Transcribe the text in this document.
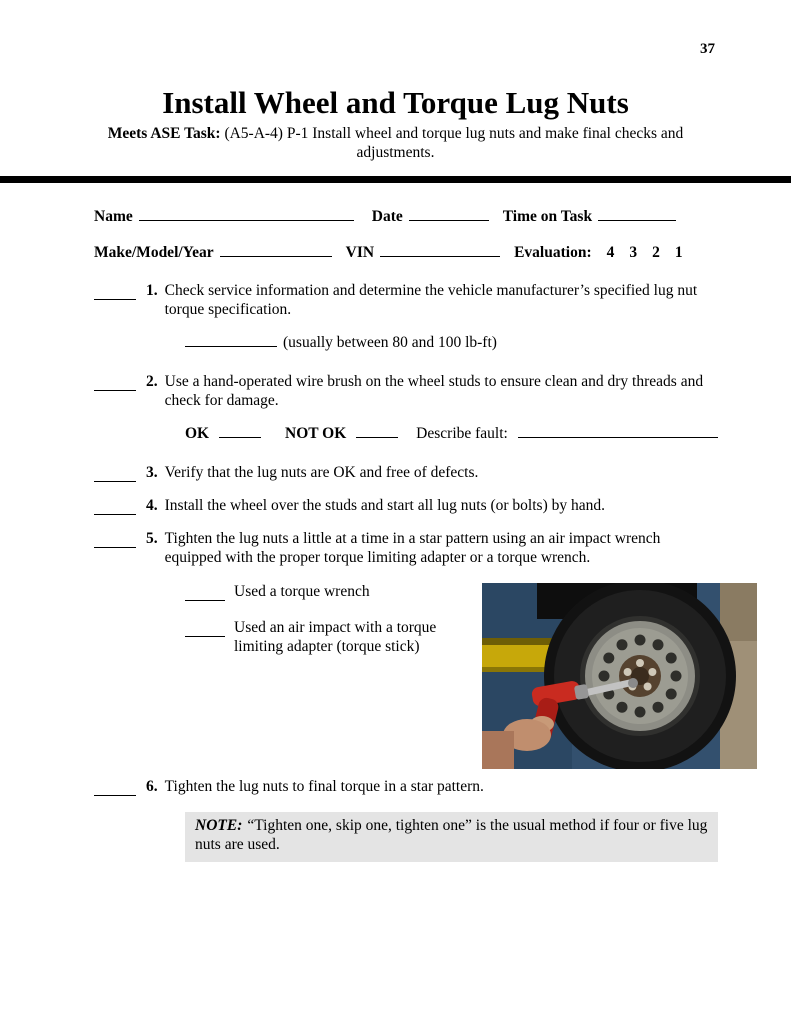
37
Install Wheel and Torque Lug Nuts
Meets ASE Task: (A5-A-4) P-1 Install wheel and torque lug nuts and make final checks and adjustments.
Name	Date	Time on Task
Make/Model/Year	VIN	Evaluation: 4 3 2 1
1. Check service information and determine the vehicle manufacturer’s specified lug nut torque specification.
(usually between 80 and 100 lb-ft)
2. Use a hand-operated wire brush on the wheel studs to ensure clean and dry threads and check for damage.
OK	NOT OK	Describe fault:
3. Verify that the lug nuts are OK and free of defects.
4. Install the wheel over the studs and start all lug nuts (or bolts) by hand.
5. Tighten the lug nuts a little at a time in a star pattern using an air impact wrench equipped with the proper torque limiting adapter or a torque wrench.
Used a torque wrench
Used an air impact with a torque limiting adapter (torque stick)
6. Tighten the lug nuts to final torque in a star pattern.
NOTE: “Tighten one, skip one, tighten one” is the usual method if four or five lug nuts are used.
